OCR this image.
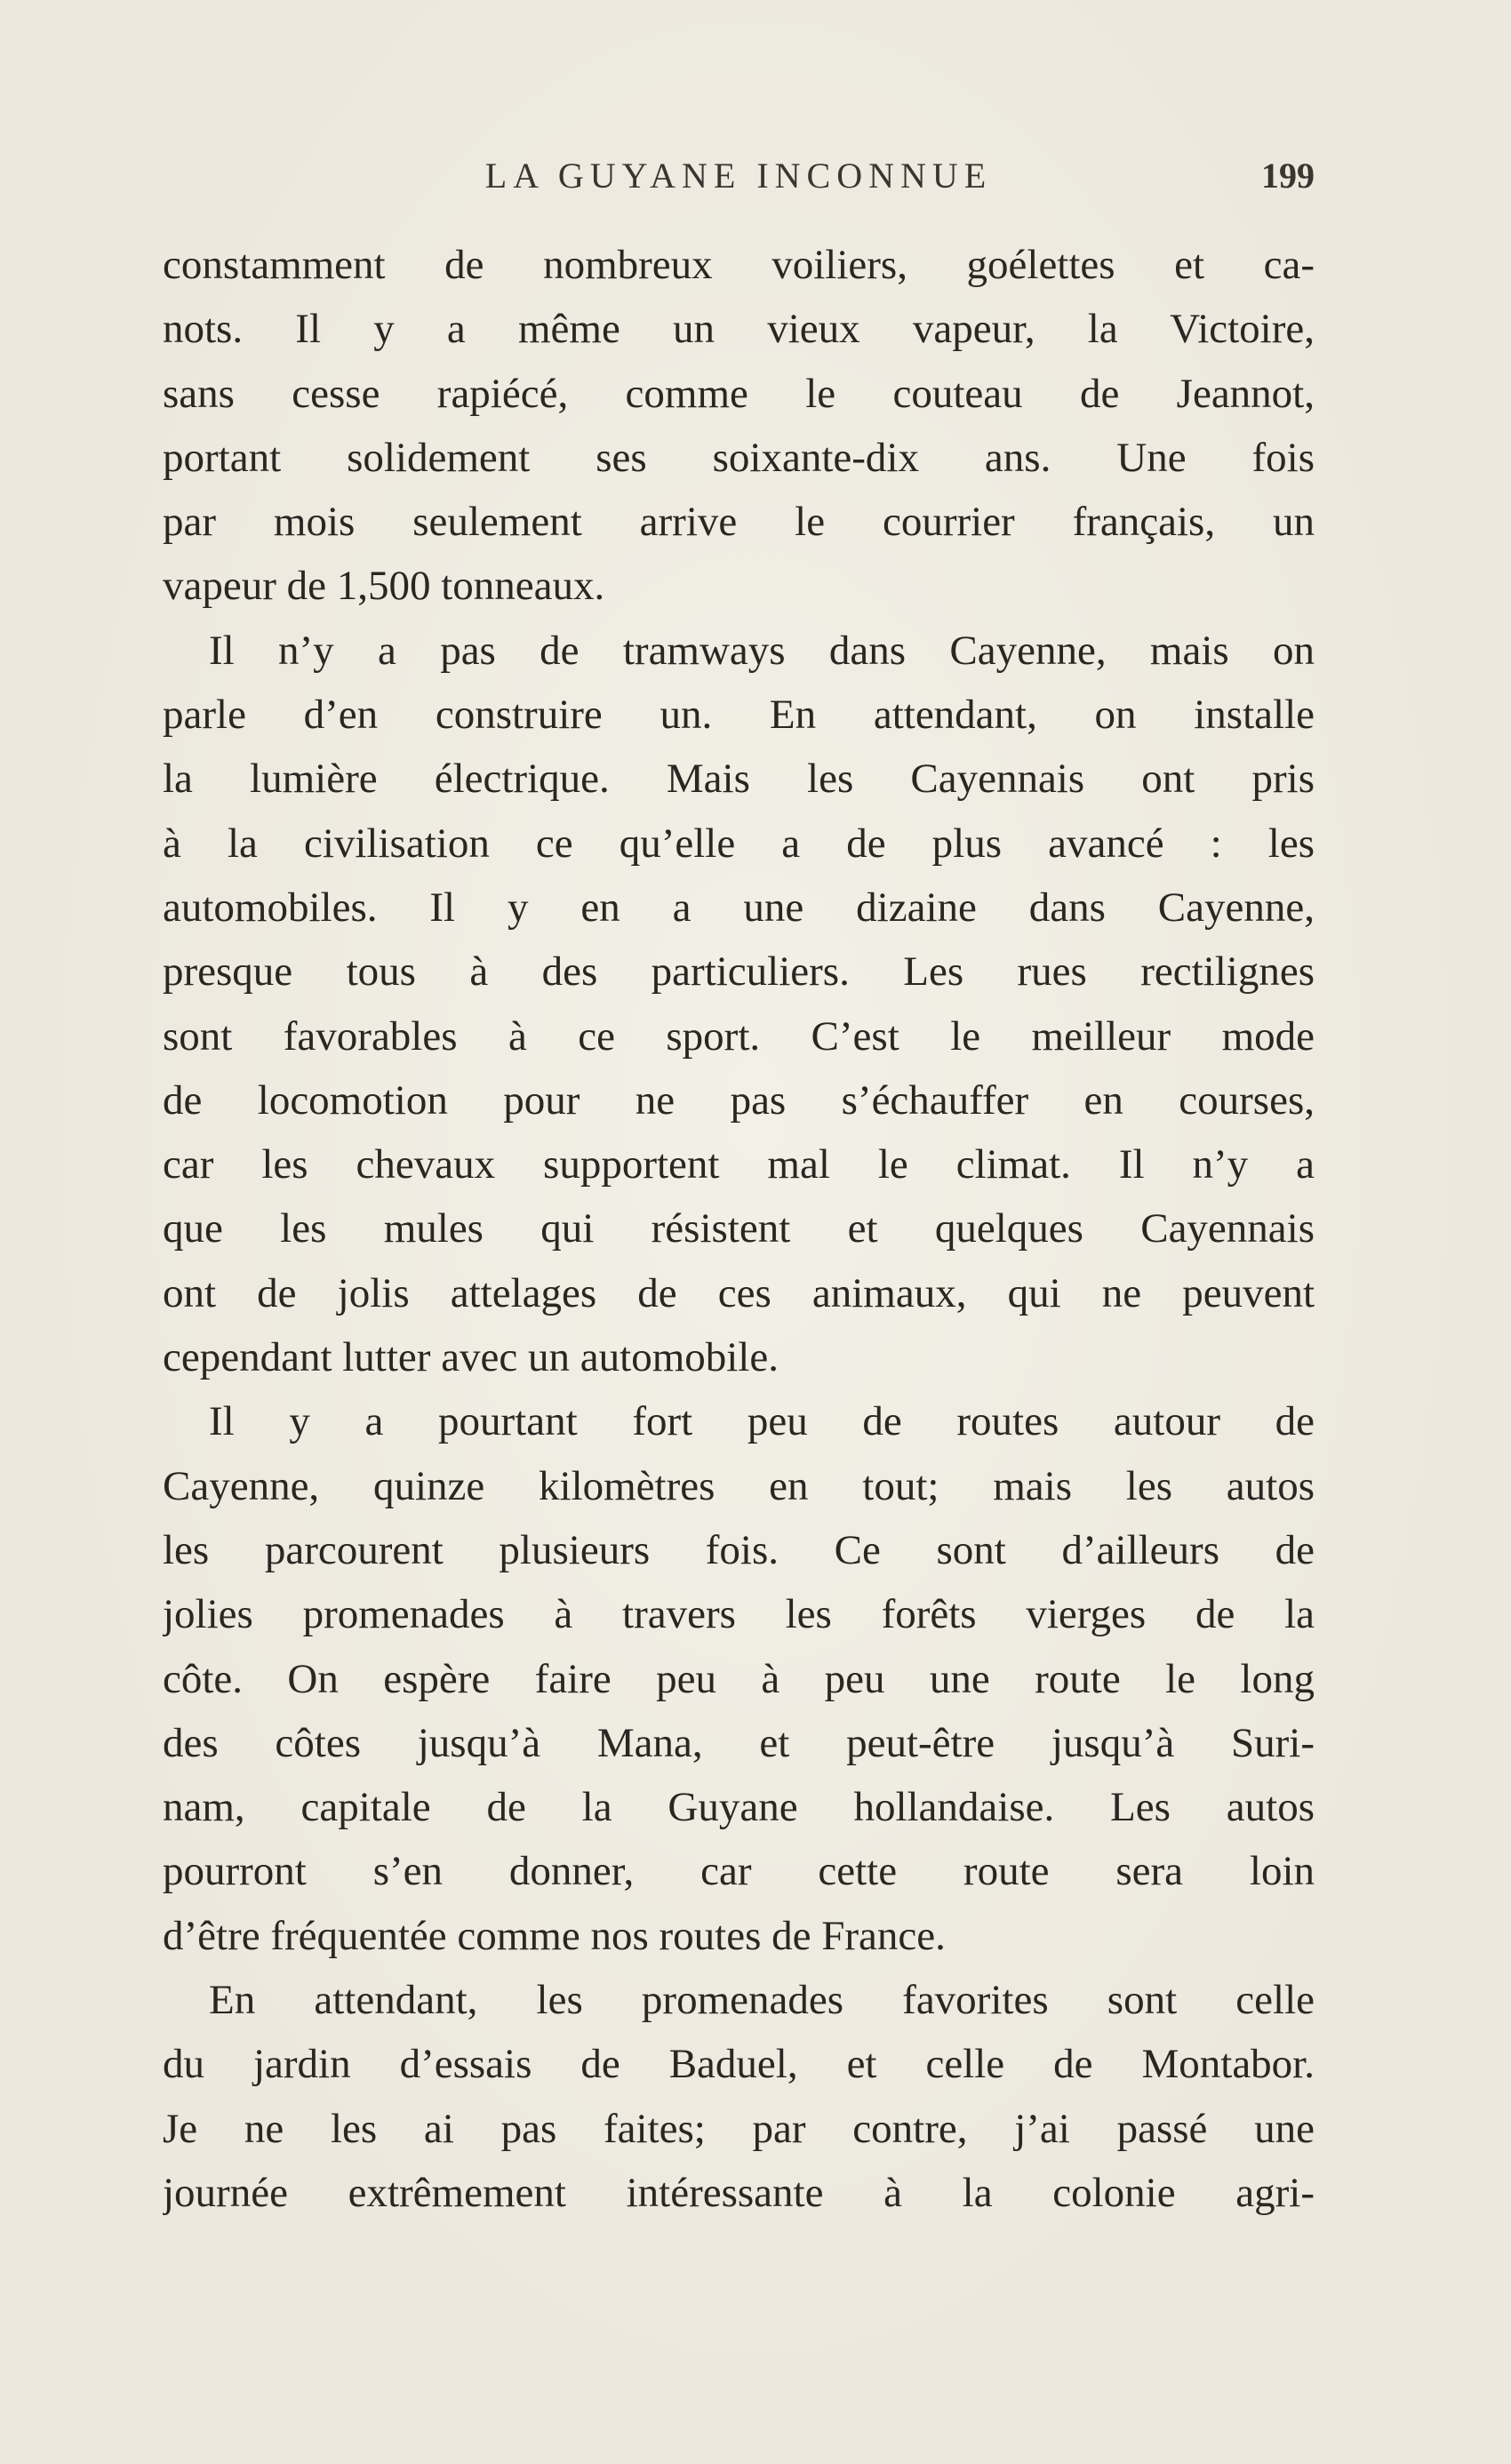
LA GUYANE INCONNUE	199
constamment de nombreux voiliers, goélettes et ca-
nots. Il y a même un vieux vapeur, la Victoire,
sans cesse rapiécé, comme le couteau de Jeannot,
portant solidement ses soixante-dix ans. Une fois
par mois seulement arrive le courrier français, un
vapeur de 1,500 tonneaux.
Il n’y a pas de tramways dans Cayenne, mais on
parle d’en construire un. En attendant, on installe
la lumière électrique. Mais les Cayennais ont pris
à la civilisation ce qu’elle a de plus avancé : les
automobiles. Il y en a une dizaine dans Cayenne,
presque tous à des particuliers. Les rues rectilignes
sont favorables à ce sport. C’est le meilleur mode
de locomotion pour ne pas s’échauffer en courses,
car les chevaux supportent mal le climat. Il n’y a
que les mules qui résistent et quelques Cayennais
ont de jolis attelages de ces animaux, qui ne peuvent
cependant lutter avec un automobile.
Il y a pourtant fort peu de routes autour de
Cayenne, quinze kilomètres en tout; mais les autos
les parcourent plusieurs fois. Ce sont d’ailleurs de
jolies promenades à travers les forêts vierges de la
côte. On espère faire peu à peu une route le long
des côtes jusqu’à Mana, et peut-être jusqu’à Suri-
nam, capitale de la Guyane hollandaise. Les autos
pourront s’en donner, car cette route sera loin
d’être fréquentée comme nos routes de France.
En attendant, les promenades favorites sont celle
du jardin d’essais de Baduel, et celle de Montabor.
Je ne les ai pas faites; par contre, j’ai passé une
journée extrêmement intéressante à la colonie agri-
